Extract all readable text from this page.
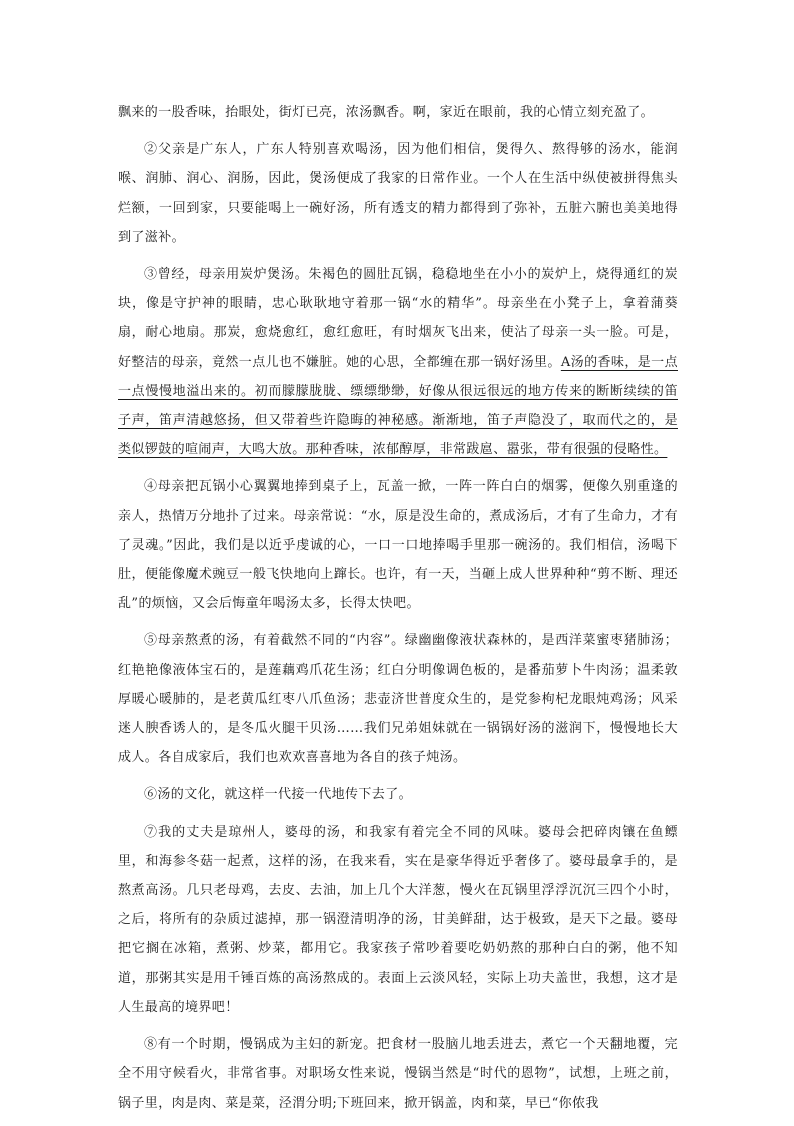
飘来的一股香味，抬眼处，街灯已亮，浓汤飘香。啊，家近在眼前，我的心情立刻充盈了。

②父亲是广东人，广东人特别喜欢喝汤，因为他们相信，煲得久、熬得够的汤水，能润喉、润肺、润心、润肠，因此，煲汤便成了我家的日常作业。一个人在生活中纵使被拼得焦头烂额，一回到家，只要能喝上一碗好汤，所有透支的精力都得到了弥补，五脏六腑也美美地得到了滋补。

③曾经，母亲用炭炉煲汤。朱褐色的圆肚瓦锅，稳稳地坐在小小的炭炉上，烧得通红的炭块，像是守护神的眼睛，忠心耿耿地守着那一锅“水的精华”。母亲坐在小凳子上，拿着蒲葵扇，耐心地扇。那炭，愈烧愈红，愈红愈旺，有时烟灰飞出来，使沾了母亲一头一脸。可是，好整洁的母亲，竟然一点儿也不嫌脏。她的心思，全都缠在那一锅好汤里。A汤的香味，是一点一点慢慢地溢出来的。初而朦朦胧胧、缥缥缈缈，好像从很远很远的地方传来的断断续续的笛子声，笛声清越悠扬，但又带着些许隐晦的神秘感。渐渐地，笛子声隐没了，取而代之的，是类似锣鼓的喧闹声，大鸣大放。那种香味，浓郁醇厚，非常跋扈、嚣张，带有很强的侵略性。

④母亲把瓦锅小心翼翼地捧到桌子上，瓦盖一掀，一阵一阵白白的烟雾，便像久别重逢的亲人，热情万分地扑了过来。母亲常说：“水，原是没生命的，煮成汤后，才有了生命力，才有了灵魂。”因此，我们是以近乎虔诚的心，一口一口地捧喝手里那一碗汤的。我们相信，汤喝下肚，便能像魔术豌豆一般飞快地向上蹿长。也许，有一天，当砸上成人世界种种“剪不断、理还乱”的烦恼，又会后悔童年喝汤太多，长得太快吧。

⑤母亲熬煮的汤，有着截然不同的“内容”。绿幽幽像液状森林的，是西洋菜蜜枣猪肺汤；红艳艳像液体宝石的，是莲藕鸡爪花生汤；红白分明像调色板的，是番茄萝卜牛肉汤；温柔敦厚暖心暖肺的，是老黄瓜红枣八爪鱼汤；悲壶济世普度众生的，是党参枸杞龙眼炖鸡汤；风采迷人腴香诱人的，是冬瓜火腿干贝汤……我们兄弟姐妹就在一锅锅好汤的滋润下，慢慢地长大成人。各自成家后，我们也欢欢喜喜地为各自的孩子炖汤。

⑥汤的文化，就这样一代接一代地传下去了。

⑦我的丈夫是琼州人，婆母的汤，和我家有着完全不同的风味。婆母会把碎肉镶在鱼鳔里，和海参冬菇一起煮，这样的汤，在我来看，实在是豪华得近乎奢侈了。婆母最拿手的，是熬煮高汤。几只老母鸡，去皮、去油，加上几个大洋葱，慢火在瓦锅里浮浮沉沉三四个小时，之后，将所有的杂质过滤掉，那一锅澄清明净的汤，甘美鲜甜，达于极致，是天下之最。婆母把它搁在冰箱，煮粥、炒菜，都用它。我家孩子常吵着要吃奶奶熬的那种白白的粥，他不知道，那粥其实是用千锤百炼的高汤熬成的。表面上云淡风轻，实际上功夫盖世，我想，这才是人生最高的境界吧！

⑧有一个时期，慢锅成为主妇的新宠。把食材一股脑儿地丢进去，煮它一个天翻地覆，完全不用守候看火，非常省事。对职场女性来说，慢锅当然是“时代的恩物”，试想，上班之前，锅子里，肉是肉、菜是菜，泾渭分明;下班回来，掀开锅盖，肉和菜，早已“你侬我
